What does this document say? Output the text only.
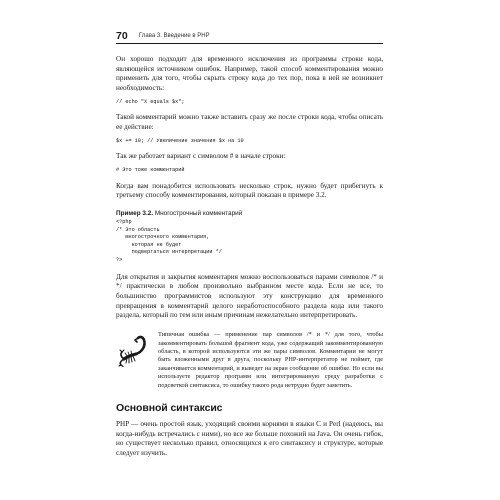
70 Глава 3. Введение в PHP

Он хорошо подходит для временного исключения из программы строки кода, являющейся источником ошибок. Например, такой способ комментирования можно применить для того, чтобы скрыть строку кода до тех пор, пока в ней не возникнет необходимость:

// echo "X equals $x";

Такой комментарий можно также вставить сразу же после строки кода, чтобы описать ее действие:

$x += 10; // Увеличение значения $x на 10

Так же работает вариант с символом # в начале строки:

# Это тоже комментарий

Когда вам понадобится использовать несколько строк, нужно будет прибегнуть к третьему способу комментирования, который показан в примере 3.2.

Пример 3.2. Многострочный комментарий
<?php
/* Это область
многострочного комментария,
которая не будет
подвергаться интерпретации */
?>

Для открытия и закрытия комментария можно воспользоваться парами символов /* и */ практически в любом произвольно выбранном месте кода. Если не все, то большинство программистов используют эту конструкцию для временного превращения в комментарий целого неработоспособного раздела кода или такого раздела, который по тем или иным причинам нежелательно интерпретировать.

Типичная ошибка — применение пар символов /* и */ для того, чтобы закомментировать большой фрагмент кода, уже содержащий закомментированную область, в которой используются эти же пары символов. Комментарии не могут быть вложенными друг в друга, поскольку PHP-интерпретатор не поймет, где заканчивается комментарий, и выведет на экран сообщение об ошибке. Но если вы используете редактор программ или интегрированную среду разработки с подсветкой синтаксиса, то ошибку такого рода нетрудно будет заметить.

Основной синтаксис

PHP — очень простой язык, уходящий своими корнями в языки C и Perl (надеюсь, вы когда-нибудь встречались с ними), но все же больше похожий на Java. Он очень гибок, но существует несколько правил, относящихся к его синтаксису и структуре, которые следует изучить.
